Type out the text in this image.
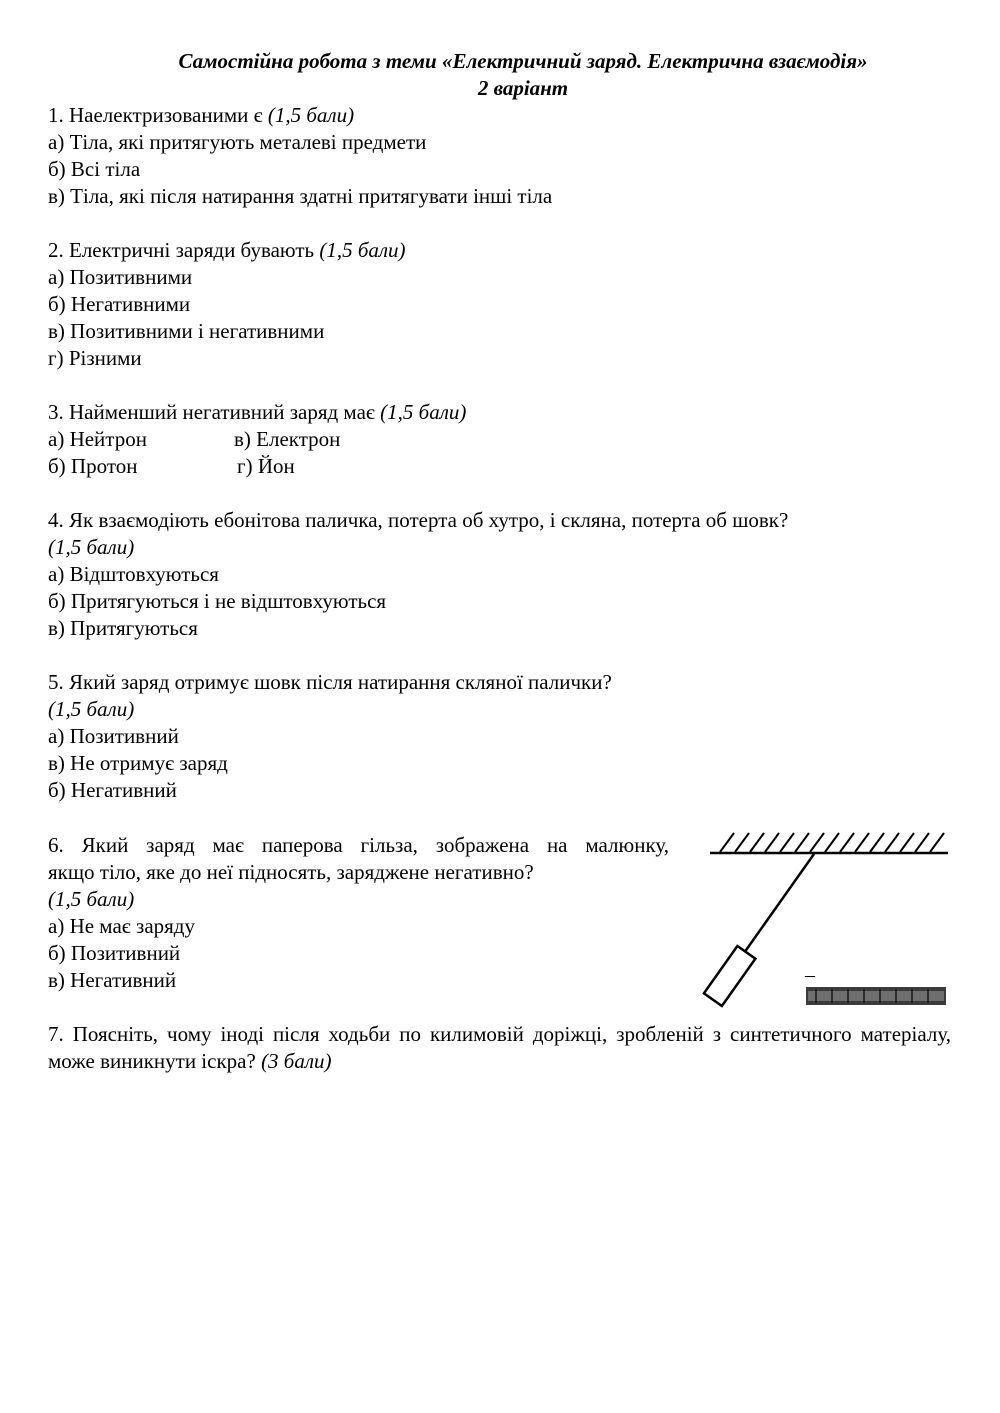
Самостійна робота з теми «Електричний заряд. Електрична взаємодія»
2 варіант
1. Наелектризованими є (1,5 бали)
а) Тіла, які притягують металеві предмети
б) Всі тіла
в) Тіла, які після натирання здатні притягувати інші тіла
2. Електричні заряди бувають (1,5 бали)
а) Позитивними
б) Негативними
в) Позитивними і негативними
г) Різними
3. Найменший негативний заряд має (1,5 бали)
а) Нейтрон	в) Електрон
б) Протон	г) Йон
4. Як взаємодіють ебонітова паличка, потерта об хутро, і скляна, потерта об шовк?
(1,5 бали)
а) Відштовхуються
б) Притягуються і не відштовхуються
в) Притягуються
5. Який заряд отримує шовк після натирання скляної палички?
(1,5 бали)
а) Позитивний
в) Не отримує заряд
б) Негативний
6. Який заряд має паперова гільза, зображена на малюнку,
якщо тіло, яке до неї підносять, заряджене негативно?
(1,5 бали)
а) Не має заряду
б) Позитивний
в) Негативний	–
7. Поясніть, чому іноді після ходьби по килимовій доріжці, зробленій з синтетичного матеріалу, може виникнути іскра? (3 бали)
